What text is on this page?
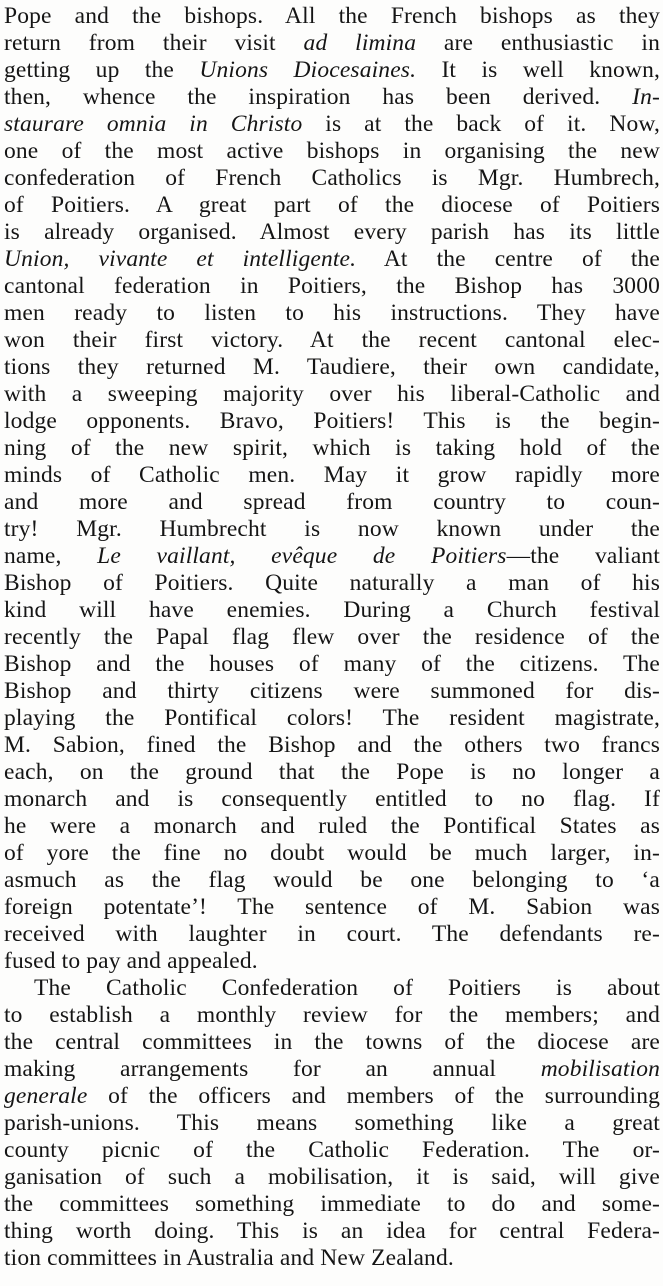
Pope and the bishops. All the French bishops as they
return from their visit ad limina are enthusiastic in
getting up the Unions Diocesaines. It is well known,
then, whence the inspiration has been derived. In-
staurare omnia in Christo is at the back of it. Now,
one of the most active bishops in organising the new
confederation of French Catholics is Mgr. Humbrech,
of Poitiers. A great part of the diocese of Poitiers
is already organised. Almost every parish has its little
Union, vivante et intelligente. At the centre of the
cantonal federation in Poitiers, the Bishop has 3000
men ready to listen to his instructions. They have
won their first victory. At the recent cantonal elec-
tions they returned M. Taudiere, their own candidate,
with a sweeping majority over his liberal-Catholic and
lodge opponents. Bravo, Poitiers! This is the begin-
ning of the new spirit, which is taking hold of the
minds of Catholic men. May it grow rapidly more
and more and spread from country to coun-
try! Mgr. Humbrecht is now known under the
name, Le vaillant, evêque de Poitiers—the valiant
Bishop of Poitiers. Quite naturally a man of his
kind will have enemies. During a Church festival
recently the Papal flag flew over the residence of the
Bishop and the houses of many of the citizens. The
Bishop and thirty citizens were summoned for dis-
playing the Pontifical colors! The resident magistrate,
M. Sabion, fined the Bishop and the others two francs
each, on the ground that the Pope is no longer a
monarch and is consequently entitled to no flag. If
he were a monarch and ruled the Pontifical States as
of yore the fine no doubt would be much larger, in-
asmuch as the flag would be one belonging to ‘a
foreign potentate’! The sentence of M. Sabion was
received with laughter in court. The defendants re-
fused to pay and appealed.
The Catholic Confederation of Poitiers is about
to establish a monthly review for the members; and
the central committees in the towns of the diocese are
making arrangements for an annual mobilisation
generale of the officers and members of the surrounding
parish-unions. This means something like a great
county picnic of the Catholic Federation. The or-
ganisation of such a mobilisation, it is said, will give
the committees something immediate to do and some-
thing worth doing. This is an idea for central Federa-
tion committees in Australia and New Zealand.
